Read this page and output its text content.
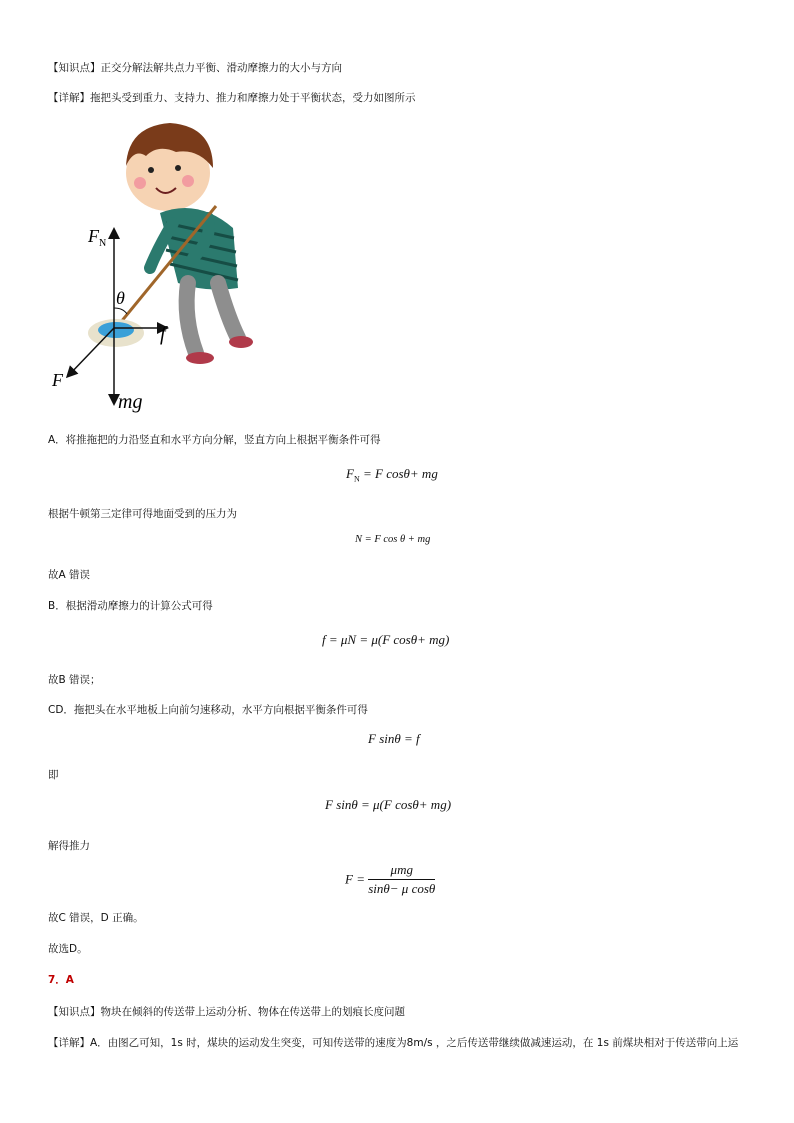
【知识点】正交分解法解共点力平衡、滑动摩擦力的大小与方向
【详解】拖把头受到重力、支持力、推力和摩擦力处于平衡状态，受力如图所示
$F_N$
θ
f
F
mg
A．将推拖把的力沿竖直和水平方向分解，竖直方向上根据平衡条件可得
$F_N = F$ cosθ+ mg
根据牛顿第三定律可得地面受到的压力为
N = F cos θ + mg
故A 错误
B．根据滑动摩擦力的计算公式可得
f = μN = μ(F cosθ+ mg)
故B 错误；
CD．拖把头在水平地板上向前匀速移动，水平方向根据平衡条件可得
F sinθ = f
即
F sinθ = μ(F cosθ+ mg)
解得推力
$F = \frac{\text{μmg}}{\text{sinθ− μ cosθ}}$
故C 错误，D 正确。
故选D。
7．A
【知识点】物块在倾斜的传送带上运动分析、物体在传送带上的划痕长度问题
【详解】A．由图乙可知，1s 时，煤块的运动发生突变，可知传送带的速度为8m/s ，之后传送带继续做减速运动，在 1s 前煤块相对于传送带向上运
